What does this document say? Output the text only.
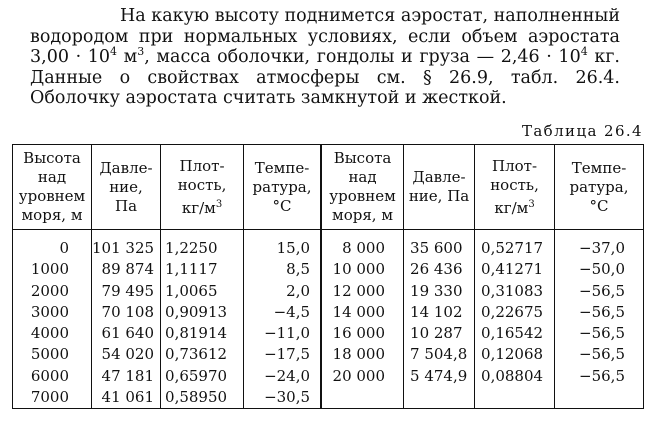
На какую высоту поднимется аэростат, наполненный водородом при нормальных условиях, если объем аэростата $3,00 \cdot 10^4$ $м^3$, масса оболочки, гондолы и груза — $2,46 \cdot 10^4$ кг. Данные о свойствах атмосферы см. § 26.9, табл. 26.4. Оболочку аэростата считать замкнутой и жесткой.
Таблица 26.4
Высота
над
уровнем
моря, м	Давле-
ние,
Па	Плот-
ность,
$кг/м^3$	Темпе-
ратура,
°C	Высота
над
уровнем
моря, м	Давле-
ние, Па	Плот-
ность,
$кг/м^3$	Темпе-
ратура,
°C
0	101 325	1,2250	15,0	8 000	35 600	0,52717	−37,0
1000	89 874	1,1117	8,5	10 000	26 436	0,41271	−50,0
2000	79 495	1,0065	2,0	12 000	19 330	0,31083	−56,5
3000	70 108	0,90913	−4,5	14 000	14 102	0,22675	−56,5
4000	61 640	0,81914	−11,0	16 000	10 287	0,16542	−56,5
5000	54 020	0,73612	−17,5	18 000	7 504,8	0,12068	−56,5
6000	47 181	0,65970	−24,0	20 000	5 474,9	0,08804	−56,5
7000	41 061	0,58950	−30,5				
